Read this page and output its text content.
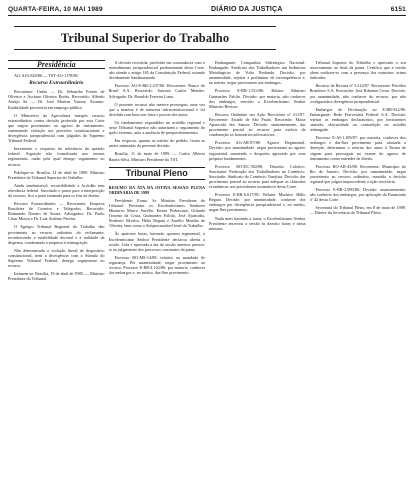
QUARTA-FEIRA, 10 MAI 1989	DIÁRIO DA JUSTIÇA	6151
Tribunal Superior do Trabalho
Presidência

AG-AI-6.820/86 — TST-AG-1178/86

Recurso Extraordinário

Recorrente: União — Dr. Sebastião Fontes de Oliveira e Ascânio Oliveira Borba. Recorrido: Alfredo Araújo Sá — Dr. José Martins Vianna. Assunto: Estabilidade provisória em emprego público.

O Ministério da Agricultura interpôs recurso extraordinário contra decisão proferida por esta Corte que negou provimento ao agravo de instrumento, sustentando violação aos preceitos constitucionais e divergência jurisprudencial com julgados do Supremo Tribunal Federal.

Inexistente o requisito da relevância da questão federal. Arguição não formalizada nos termos regimentais, razão pela qual denego seguimento ao recurso.

Publique-se. Brasília, 14 de abril de 1989. Ministro Presidente do Tribunal Superior do Trabalho.

Ainda inadmissível, recorribilidade a Acórdão sem relevância federal. Suscitado o prazo para a interposição do recurso, fica a parte intimada para os fins de direito.

Recurso Extraordinário — Recorrente: Empresa Brasileira de Correios e Telégrafos. Recorrido: Raimundo Nonato de Souza. Advogados: Dr. Paulo César Moura e Dr. Luiz Antônio Pereira.

O Egrégio Tribunal Regional do Trabalho deu provimento ao recurso ordinário do reclamante, reconhecendo a estabilidade decenal e a nulidade da dispensa, condenando a empresa à reintegração.

Não demonstrada a violação literal de dispositivo constitucional, nem a divergência com a Súmula do Supremo Tribunal Federal, denego seguimento ao recurso.

Intimem-se. Brasília, 19 de abril de 1989. — Ministro Presidente do Tribunal.

A decisão recorrida, proferida em consonância com o entendimento jurisprudencial predominante desta Corte, não ofende o artigo 165 da Constituição Federal, estando devidamente fundamentada.

Processo AG-E-RR-2.437/86. Recorrente: Banco do Brasil S.A. Recorrido: Antonio Carlos Mendes. Advogado: Dr. Ronaldo Ferreira Lima.

O presente recurso não merece prosseguir, uma vez que a matéria é de natureza infraconstitucional e foi decidida com base nos fatos e provas dos autos.

Os fundamentos expendidos no acórdão regional e neste Tribunal Superior não autorizam o seguimento do apelo extremo, ante a ausência de prequestionamento.

Em resposta, quanto ao mérito do pedido, ficam as partes intimadas da presente decisão.

Brasília, 11 de maio de 1989. — Carlos Alberto Barata Silva, Ministro Presidente do TST.

Tribunal Pleno
RESUMO DA ATA DA OITAVA SESSÃO PLENA ORDINÁRIA DE 1989

Presidente: Exmo. Sr. Ministro Presidente do Tribunal. Presentes os Excelentíssimos Senhores Ministros Marco Aurélio, Ermes Pedrassani, Orlando Teixeira da Costa, Guimarães Falcão, José Ajuricaba, Norberto Silveira, Hélio Regato e Aurélio Mendes de Oliveira, bem como o Subprocurador-Geral do Trabalho.

Às quatorze horas, havendo quorum regimental, o Excelentíssimo Senhor Presidente declarou aberta a sessão. Lida e aprovada a ata da sessão anterior, passou-se ao julgamento dos processos constantes da pauta.

Processo RO-MS-14/88, relativo ao mandado de segurança. Por unanimidade, negar provimento ao recurso. Processo E-RR-4.102/86: por maioria, conhecer dos embargos e, no mérito, dar-lhes provimento.

Embargante: Companhia Siderúrgica Nacional. Embargado: Sindicato dos Trabalhadores nas Indústrias Metalúrgicas de Volta Redonda. Decisão: por unanimidade, rejeitar a preliminar de incompetência e, no mérito, negar provimento aos embargos.

Processo E-RR-1.553/86: Relator Ministro Guimarães Falcão. Decisão: por maioria, não conhecer dos embargos, vencido o Excelentíssimo Senhor Ministro Revisor.

Recurso Ordinário em Ação Rescisória nº 211/87. Recorrente: Estado de São Paulo. Recorrido: Maria Aparecida dos Santos. Decisão: unanimemente, dar provimento parcial ao recurso para excluir da condenação os honorários advocatícios.

Processo AG-AR-87/88: Agravo Regimental. Decisão: por unanimidade, negar provimento ao agravo regimental, mantendo o despacho agravado por seus próprios fundamentos.

Processo RO-DC-302/88: Dissídio Coletivo. Suscitante: Federação dos Trabalhadores no Comércio. Suscitado: Sindicato do Comércio Varejista. Decisão: dar provimento parcial ao recurso para adequar as cláusulas econômicas aos precedentes normativos desta Corte.

Processo E-RR-6.617/85: Relator Ministro Hélio Regato. Decisão: por unanimidade, conhecer dos embargos por divergência jurisprudencial e, no mérito, negar-lhes provimento.

Nada mais havendo a tratar, o Excelentíssimo Senhor Presidente encerrou a sessão às dezoito horas e trinta minutos.

Tribunal Superior do Trabalho e aprovado o seu encerramento ao final da pauta. Certifico que a sessão plena realizou-se com a presença dos ministros acima indicados.

Recurso de Revista nº 3.214/87. Recorrente: Petróleo Brasileiro S.A. Recorrido: José Ribamar Costa. Decisão: por unanimidade, não conhecer do recurso, por não configurada a divergência jurisprudencial.

Embargos de Declaração no E-RR-812/86. Embargante: Rede Ferroviária Federal S.A. Decisão: rejeitar os embargos declaratórios, por inexistentes omissão, obscuridade ou contradição no acórdão embargado.

Processo E-AI-1.109/87: por maioria, conhecer dos embargos e dar-lhes provimento para, afastada a deserção, determinar o retorno dos autos à Turma de origem para prosseguir no exame do agravo de instrumento como entender de direito.

Processo RO-AR-45/88: Recorrente: Município do Rio de Janeiro. Decisão: por unanimidade, negar provimento ao recurso ordinário, mantida a decisão regional que julgou improcedente a ação rescisória.

Processo E-RR-2.990/86: Decisão: unanimemente, não conhecer dos embargos, por aplicação do Enunciado nº 42 desta Corte.

Secretaria do Tribunal Pleno, em 8 de maio de 1989. — Diretor da Secretaria do Tribunal Pleno.
